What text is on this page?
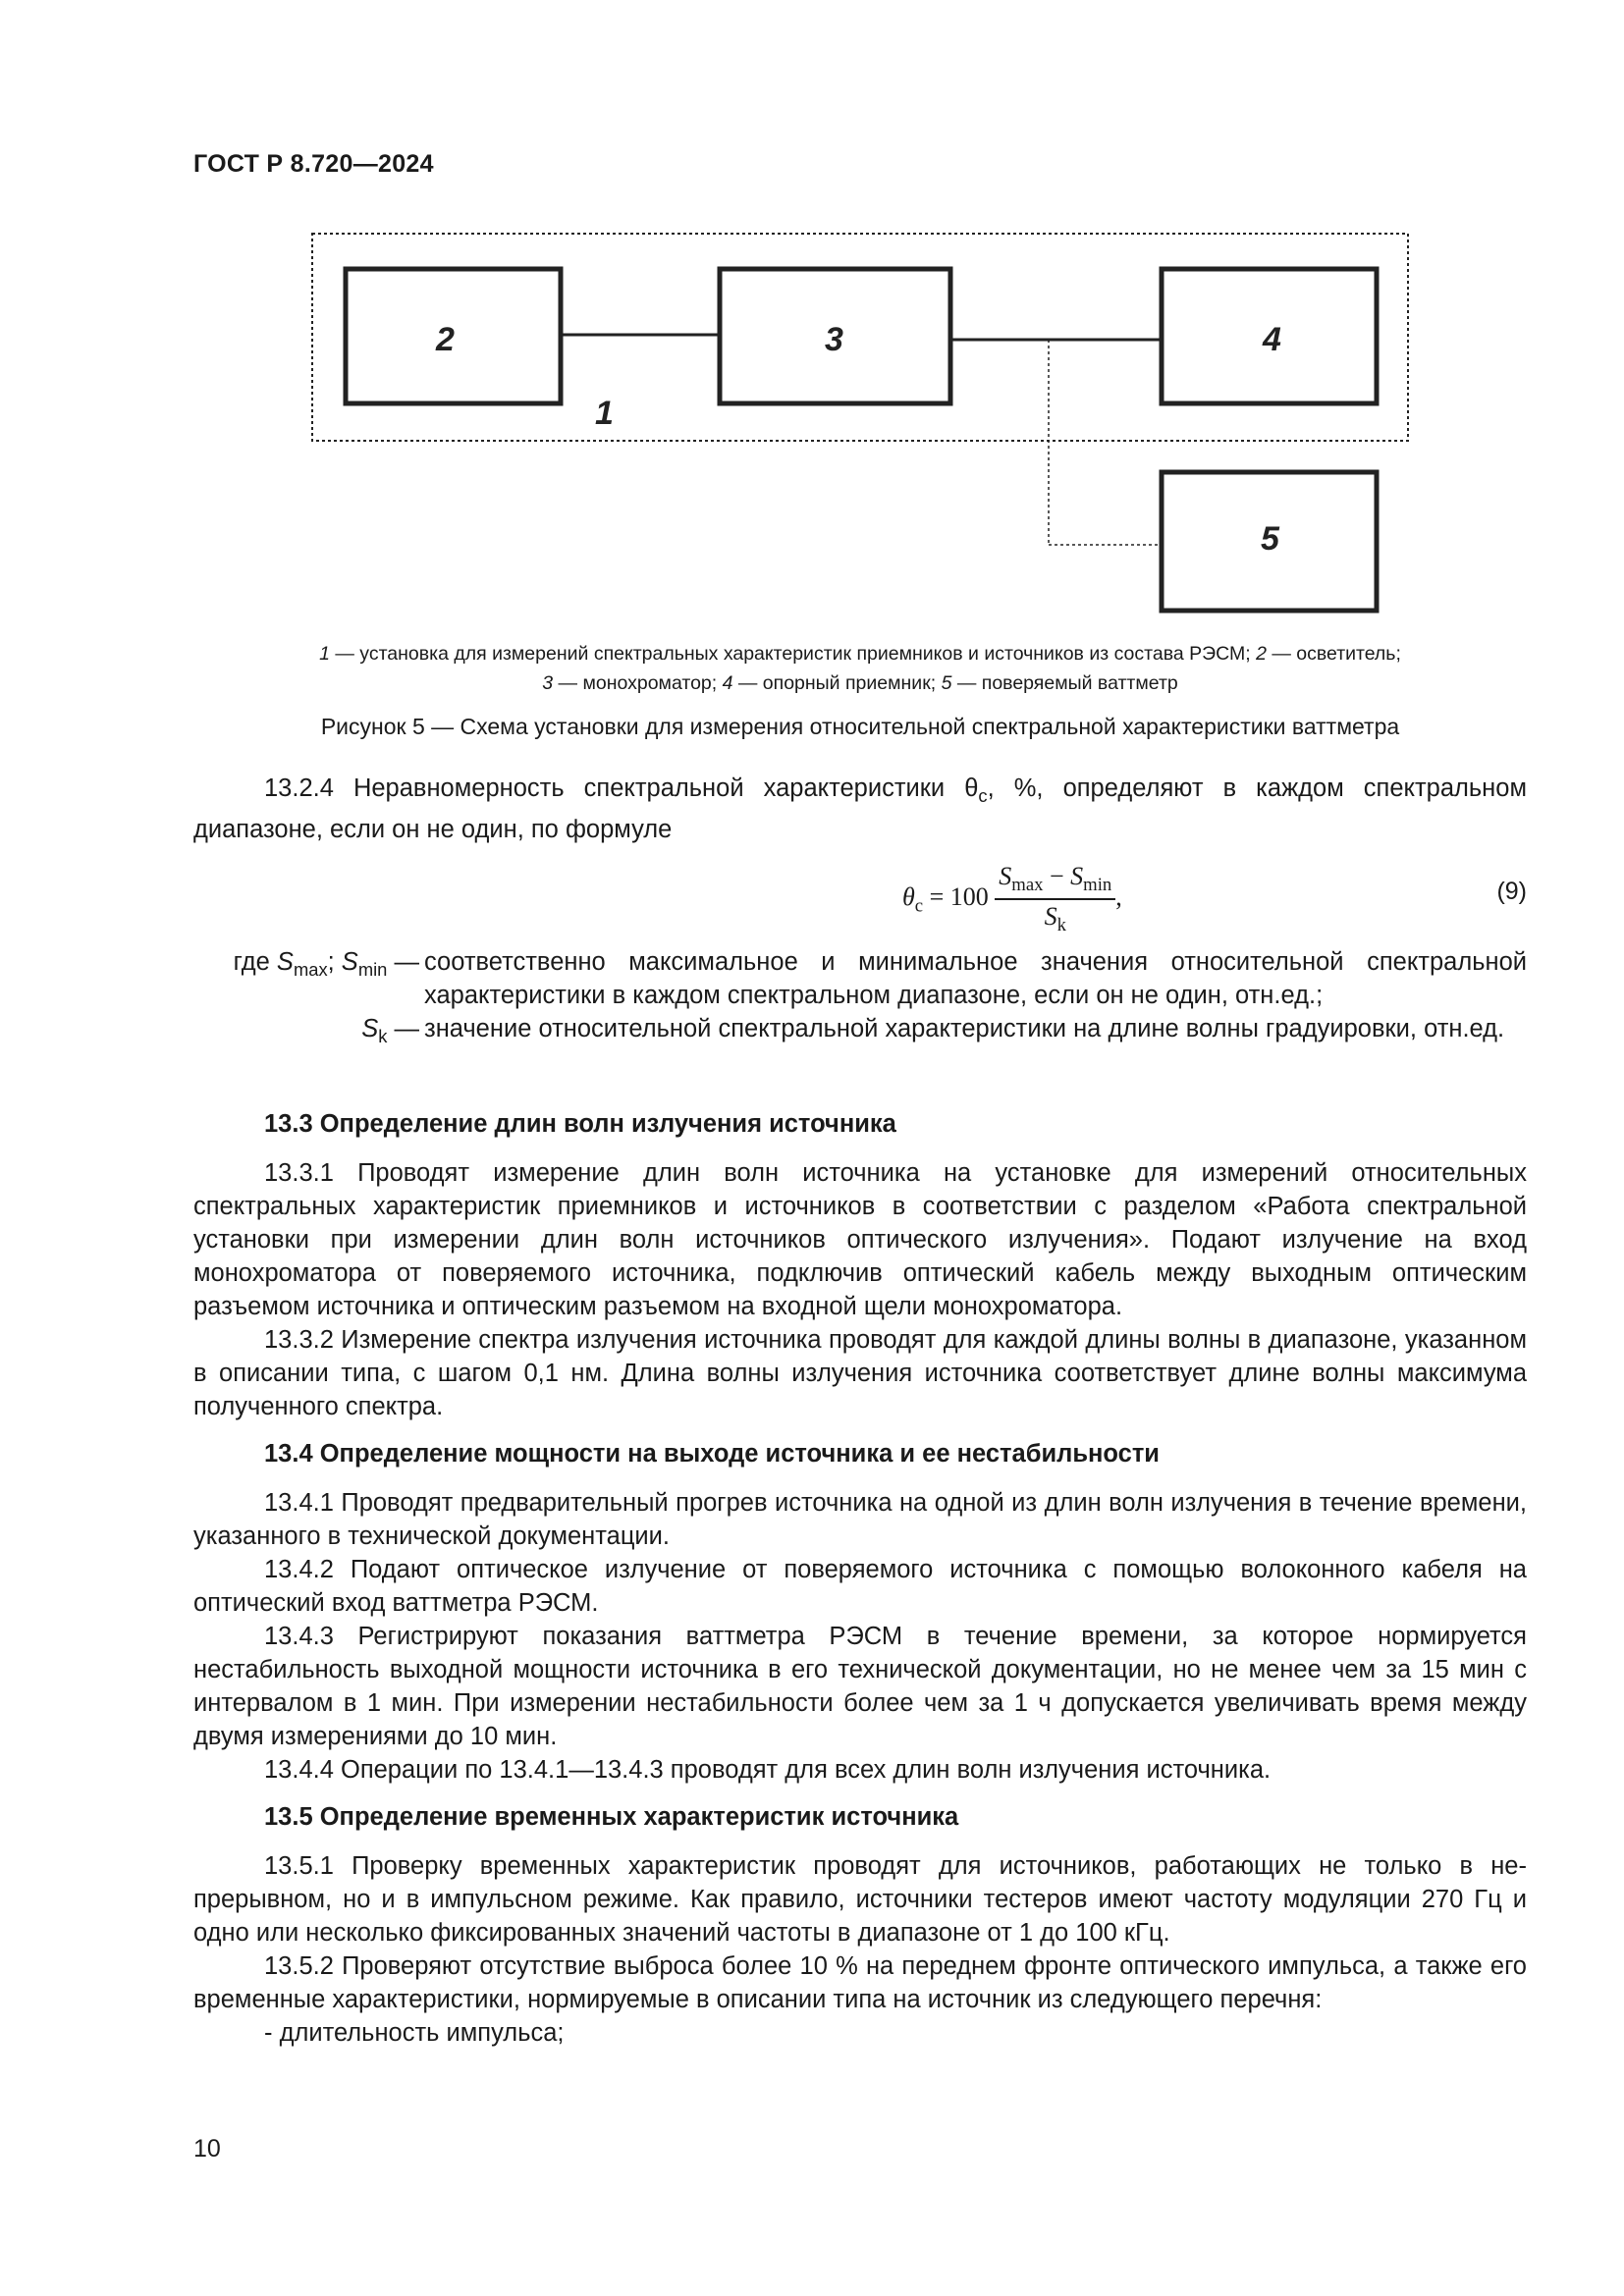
ГОСТ Р 8.720—2024
2	3	4
5
1
1 — установка для измерений спектральных характеристик приемников и источников из состава РЭСМ; 2 — осветитель;
3 — монохроматор; 4 — опорный приемник; 5 — поверяемый ваттметр
Рисунок 5 — Схема установки для измерения относительной спектральной характеристики ваттметра

13.2.4 Неравномерность спектральной характеристики $\theta_c$, %, определяют в каждом спектральном диапазоне, если он не один, по формуле

$\theta_c = 100 \frac{S_{max} - S_{min}}{S_k}$ ,	(9)
где $S_{max}$; $S_{min}$ — соответственно максимальное и минимальное значения относительной спектральной характеристики в каждом спектральном диапазоне, если он не один, отн.ед.;
$S_k$ — значение относительной спектральной характеристики на длине волны градуировки, отн.ед.

13.3 Определение длин волн излучения источника

13.3.1 Проводят измерение длин волн источника на установке для измерений относительных спектральных характеристик приемников и источников в соответствии с разделом «Работа спектральной установки при измерении длин волн источников оптического излучения». Подают излучение на вход монохроматора от поверяемого источника, подключив оптический кабель между выходным оптическим разъемом источника и оптическим разъемом на входной щели монохроматора.

13.3.2 Измерение спектра излучения источника проводят для каждой длины волны в диапазоне, указанном в описании типа, с шагом 0,1 нм. Длина волны излучения источника соответствует длине волны максимума полученного спектра.

13.4 Определение мощности на выходе источника и ее нестабильности

13.4.1 Проводят предварительный прогрев источника на одной из длин волн излучения в течение времени, указанного в технической документации.

13.4.2 Подают оптическое излучение от поверяемого источника с помощью волоконного кабеля на оптический вход ваттметра РЭСМ.

13.4.3 Регистрируют показания ваттметра РЭСМ в течение времени, за которое нормируется нестабильность выходной мощности источника в его технической документации, но не менее чем за 15 мин с интервалом в 1 мин. При измерении нестабильности более чем за 1 ч допускается увеличивать время между двумя измерениями до 10 мин.

13.4.4 Операции по 13.4.1—13.4.3 проводят для всех длин волн излучения источника.

13.5 Определение временных характеристик источника

13.5.1 Проверку временных характеристик проводят для источников, работающих не только в непрерывном, но и в импульсном режиме. Как правило, источники тестеров имеют частоту модуляции 270 Гц и одно или несколько фиксированных значений частоты в диапазоне от 1 до 100 кГц.

13.5.2 Проверяют отсутствие выброса более 10 % на переднем фронте оптического импульса, а также его временные характеристики, нормируемые в описании типа на источник из следующего перечня:

- длительность импульса;

10
